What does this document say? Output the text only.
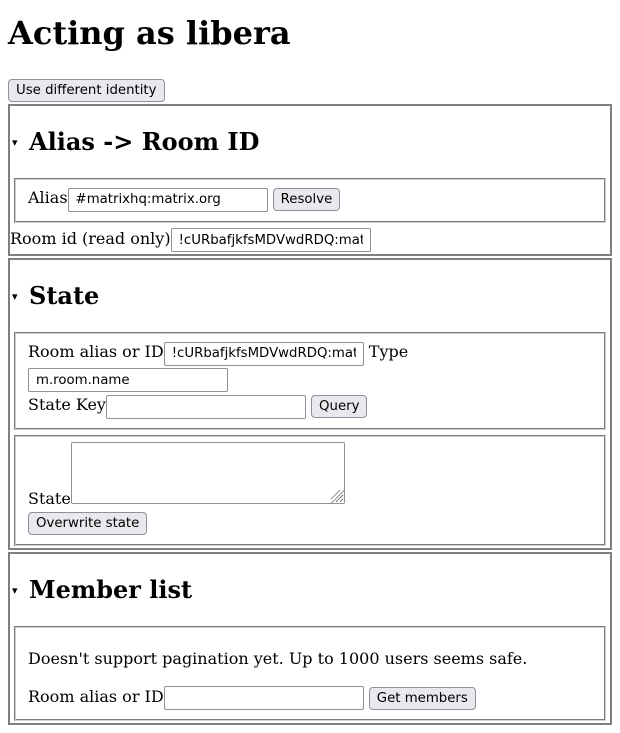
Acting as libera
Use different identity
▾ Alias -> Room ID
Alias#matrixhq:matrix.org	Resolve
Room id (read only)!cURbafjkfsMDVwdRDQ:matrix.
▾ State
Room alias or ID!cURbafjkfsMDVwdRDQ:matrix.	Typem.room.name
State Key	Query
State
Overwrite state
▾ Member list

Doesn't support pagination yet. Up to 1000 users seems safe.

Room alias or ID	Get members
